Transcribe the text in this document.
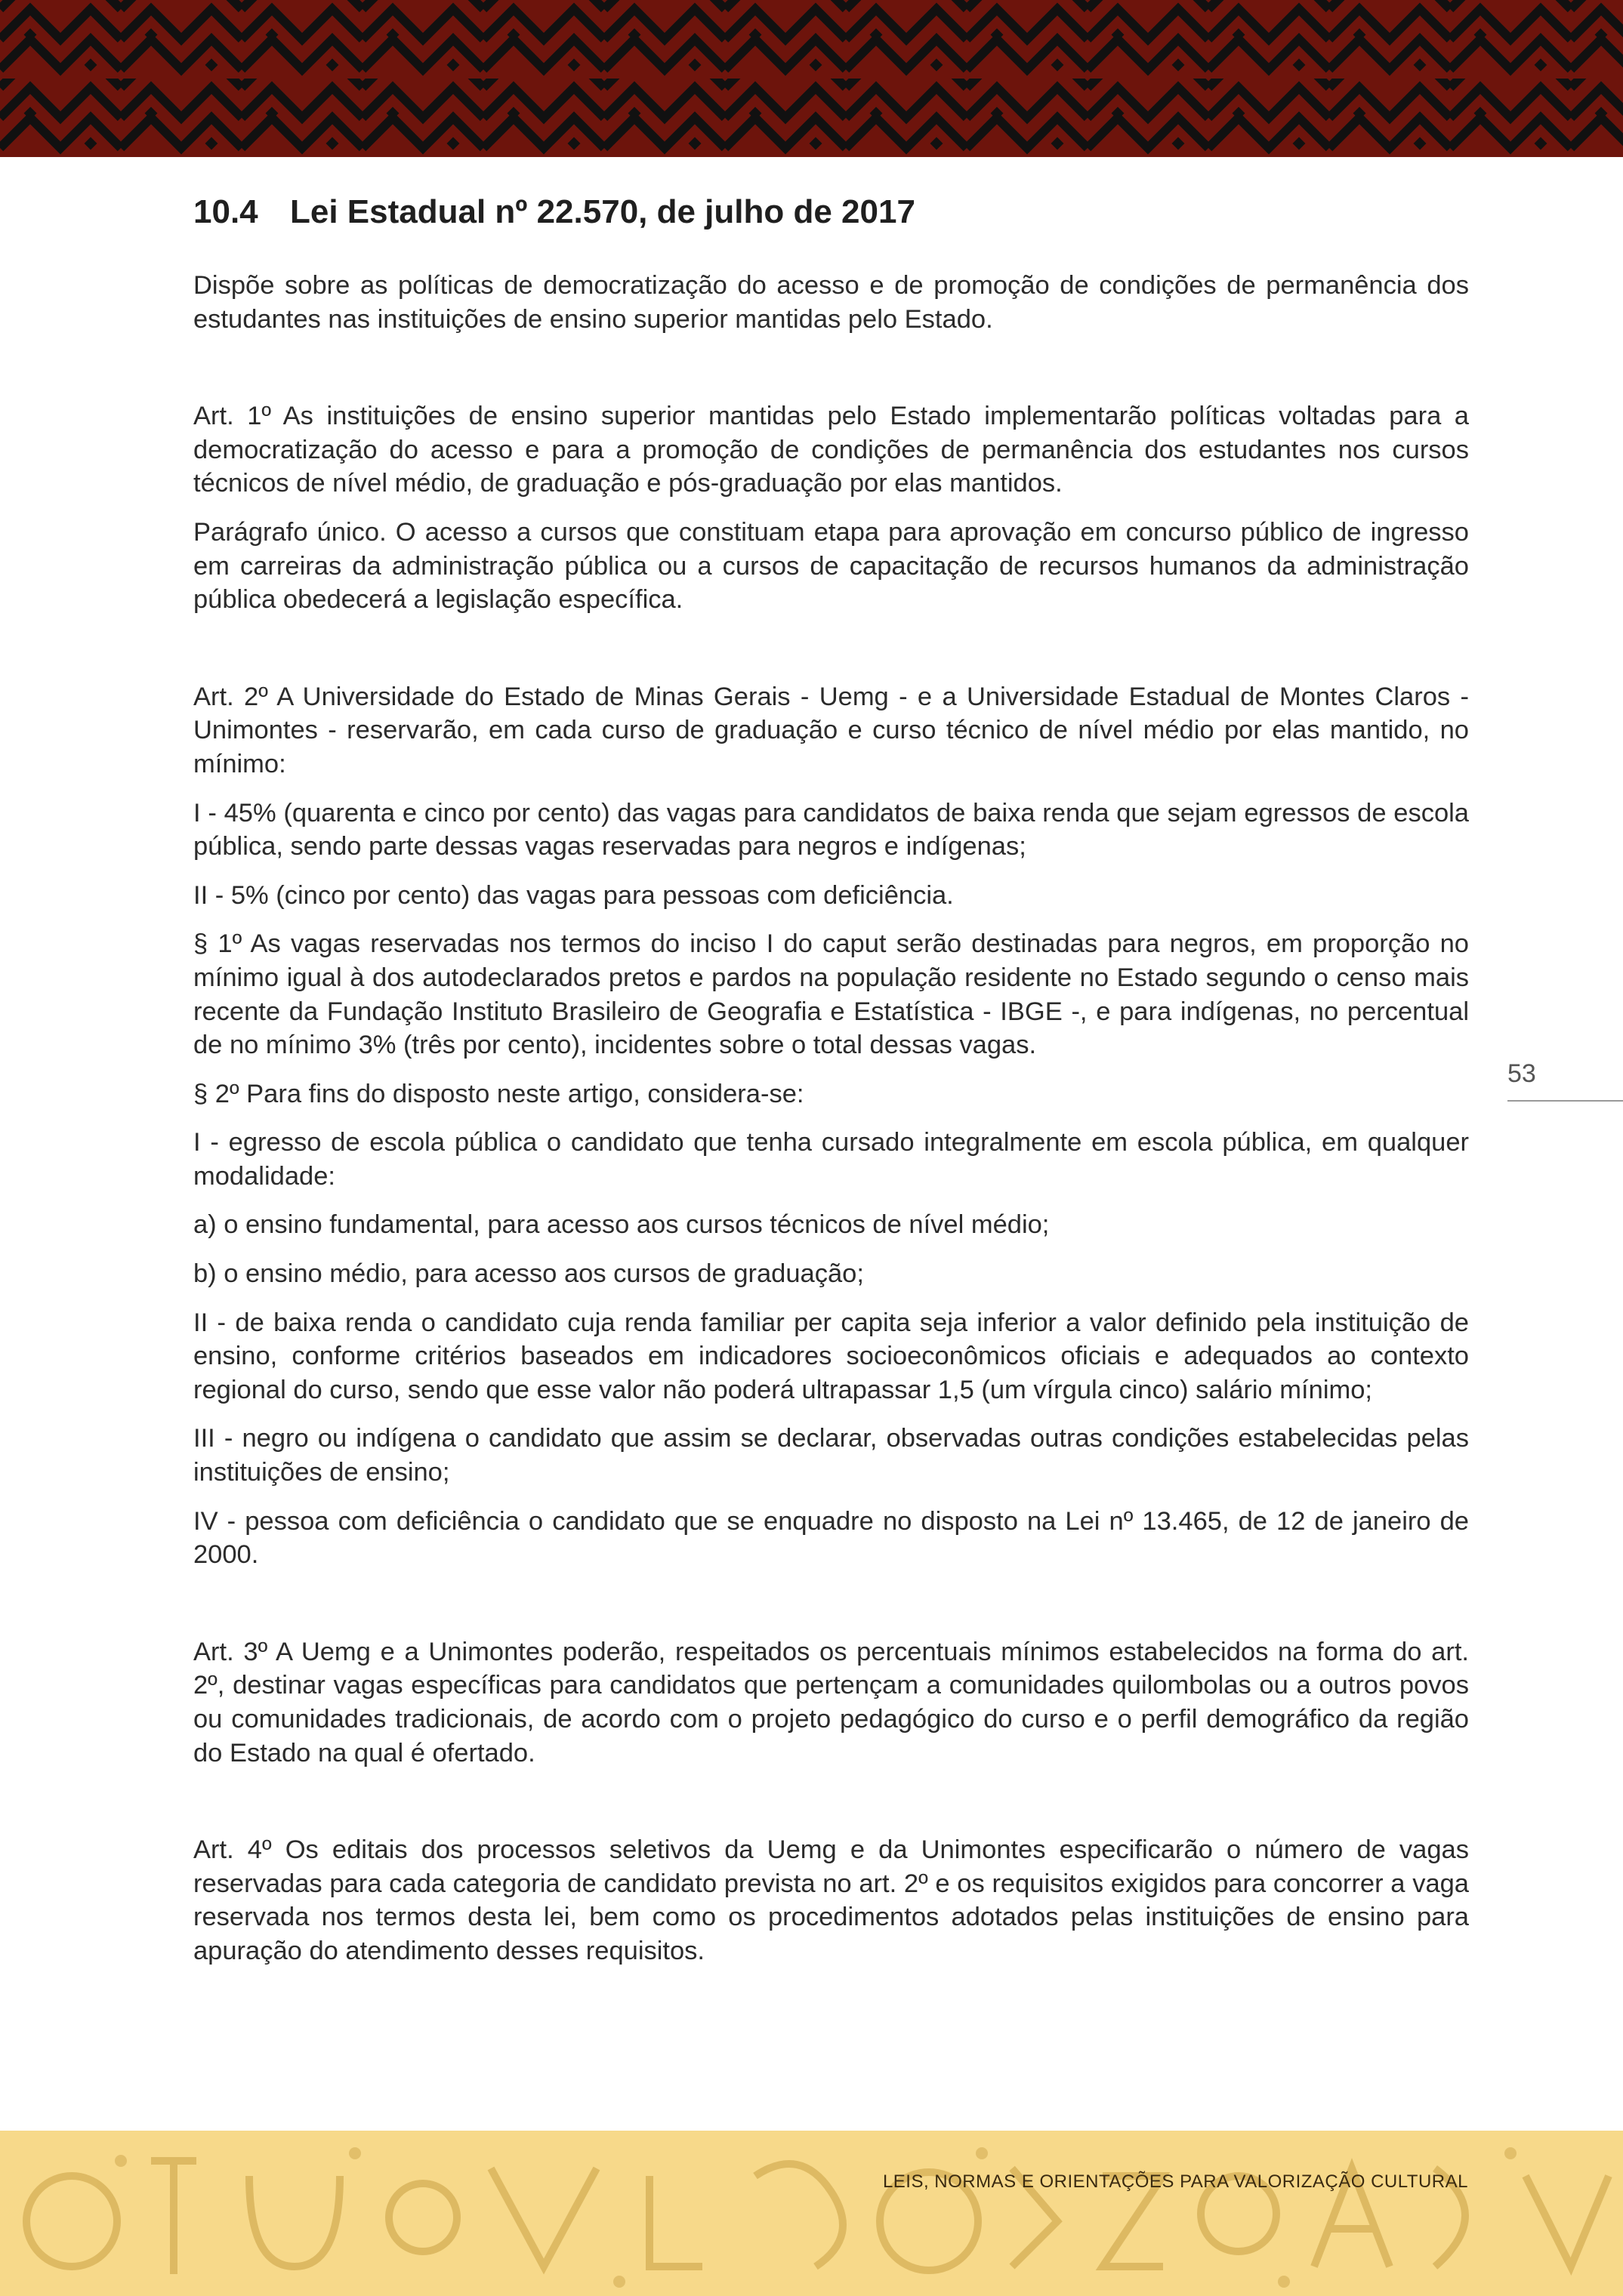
10.4 Lei Estadual nº 22.570, de julho de 2017

Dispõe sobre as políticas de democratização do acesso e de promoção de condições de permanência dos estudantes nas instituições de ensino superior mantidas pelo Estado.

Art. 1º As instituições de ensino superior mantidas pelo Estado implementarão políticas voltadas para a democratização do acesso e para a promoção de condições de permanência dos estudantes nos cursos técnicos de nível médio, de graduação e pós-graduação por elas mantidos.

Parágrafo único. O acesso a cursos que constituam etapa para aprovação em concurso público de ingresso em carreiras da administração pública ou a cursos de capacitação de recursos humanos da administração pública obedecerá a legislação específica.

Art. 2º A Universidade do Estado de Minas Gerais - Uemg - e a Universidade Estadual de Montes Claros - Unimontes - reservarão, em cada curso de graduação e curso técnico de nível médio por elas mantido, no mínimo:

I - 45% (quarenta e cinco por cento) das vagas para candidatos de baixa renda que sejam egressos de escola pública, sendo parte dessas vagas reservadas para negros e indígenas;

II - 5% (cinco por cento) das vagas para pessoas com deficiência.

§ 1º As vagas reservadas nos termos do inciso I do caput serão destinadas para negros, em proporção no mínimo igual à dos autodeclarados pretos e pardos na população residente no Estado segundo o censo mais recente da Fundação Instituto Brasileiro de Geografia e Estatística - IBGE -, e para indígenas, no percentual de no mínimo 3% (três por cento), incidentes sobre o total dessas vagas.

§ 2º Para fins do disposto neste artigo, considera-se:

I - egresso de escola pública o candidato que tenha cursado integralmente em escola pública, em qualquer modalidade:

a) o ensino fundamental, para acesso aos cursos técnicos de nível médio;

b) o ensino médio, para acesso aos cursos de graduação;

II - de baixa renda o candidato cuja renda familiar per capita seja inferior a valor definido pela instituição de ensino, conforme critérios baseados em indicadores socioeconômicos oficiais e adequados ao contexto regional do curso, sendo que esse valor não poderá ultrapassar 1,5 (um vírgula cinco) salário mínimo;

III - negro ou indígena o candidato que assim se declarar, observadas outras condições estabelecidas pelas instituições de ensino;

IV - pessoa com deficiência o candidato que se enquadre no disposto na Lei nº 13.465, de 12 de janeiro de 2000.

Art. 3º A Uemg e a Unimontes poderão, respeitados os percentuais mínimos estabelecidos na forma do art. 2º, destinar vagas específicas para candidatos que pertençam a comunidades quilombolas ou a outros povos ou comunidades tradicionais, de acordo com o projeto pedagógico do curso e o perfil demográfico da região do Estado na qual é ofertado.

Art. 4º Os editais dos processos seletivos da Uemg e da Unimontes especificarão o número de vagas reservadas para cada categoria de candidato prevista no art. 2º e os requisitos exigidos para concorrer a vaga reservada nos termos desta lei, bem como os procedimentos adotados pelas instituições de ensino para apuração do atendimento desses requisitos.

53
LEIS, NORMAS E ORIENTAÇÕES PARA VALORIZAÇÃO CULTURAL
